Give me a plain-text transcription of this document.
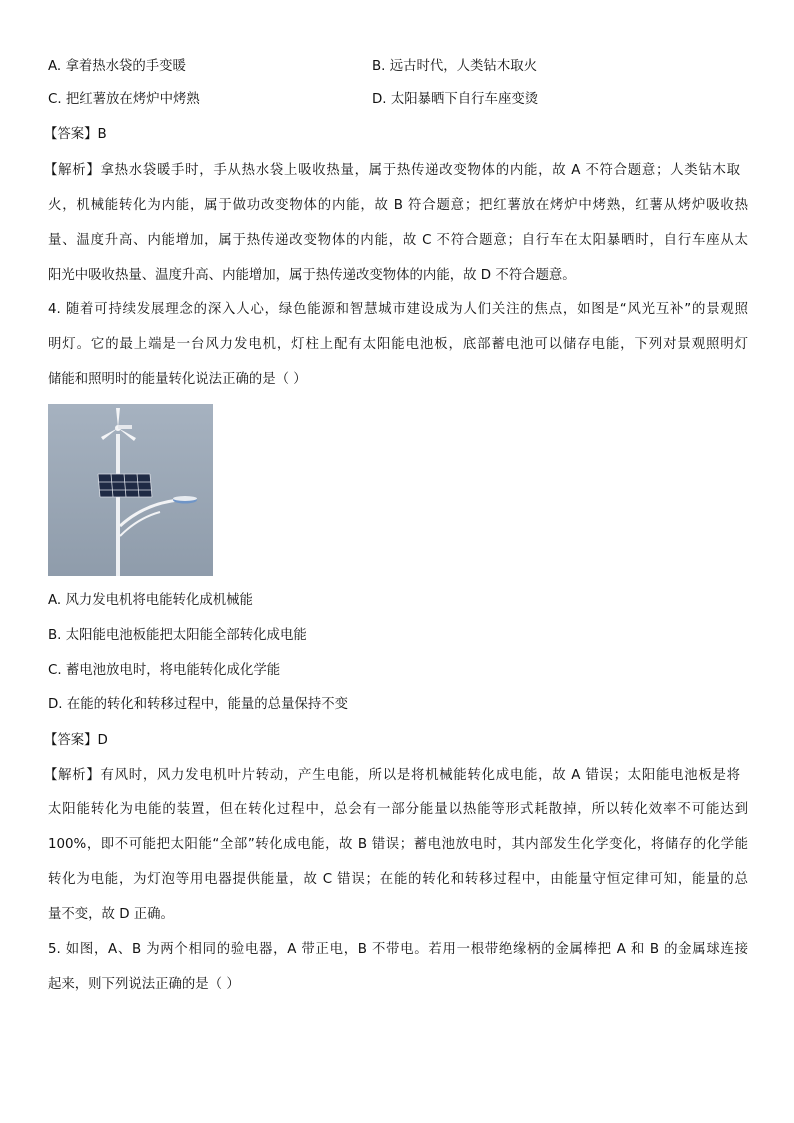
A. 拿着热水袋的手变暖	B. 远古时代，人类钻木取火
C. 把红薯放在烤炉中烤熟	D. 太阳暴晒下自行车座变烫
【答案】B
【解析】拿热水袋暖手时，手从热水袋上吸收热量，属于热传递改变物体的内能，故 A 不符合题意；人类钻木取
火，机械能转化为内能，属于做功改变物体的内能，故 B 符合题意；把红薯放在烤炉中烤熟，红薯从烤炉吸收热
量、温度升高、内能增加，属于热传递改变物体的内能，故 C 不符合题意；自行车在太阳暴晒时，自行车座从太
阳光中吸收热量、温度升高、内能增加，属于热传递改变物体的内能，故 D 不符合题意。
4. 随着可持续发展理念的深入人心，绿色能源和智慧城市建设成为人们关注的焦点，如图是“风光互补”的景观照
明灯。它的最上端是一台风力发电机，灯柱上配有太阳能电池板，底部蓄电池可以储存电能，下列对景观照明灯
储能和照明时的能量转化说法正确的是（ ）
A. 风力发电机将电能转化成机械能
B. 太阳能电池板能把太阳能全部转化成电能
C. 蓄电池放电时，将电能转化成化学能
D. 在能的转化和转移过程中，能量的总量保持不变
【答案】D
【解析】有风时，风力发电机叶片转动，产生电能，所以是将机械能转化成电能，故 A 错误；太阳能电池板是将
太阳能转化为电能的装置，但在转化过程中，总会有一部分能量以热能等形式耗散掉，所以转化效率不可能达到
100%，即不可能把太阳能“全部”转化成电能，故 B 错误；蓄电池放电时，其内部发生化学变化，将储存的化学能
转化为电能，为灯泡等用电器提供能量，故 C 错误；在能的转化和转移过程中，由能量守恒定律可知，能量的总
量不变，故 D 正确。
5. 如图，A、B 为两个相同的验电器，A 带正电，B 不带电。若用一根带绝缘柄的金属棒把 A 和 B 的金属球连接
起来，则下列说法正确的是（ ）
